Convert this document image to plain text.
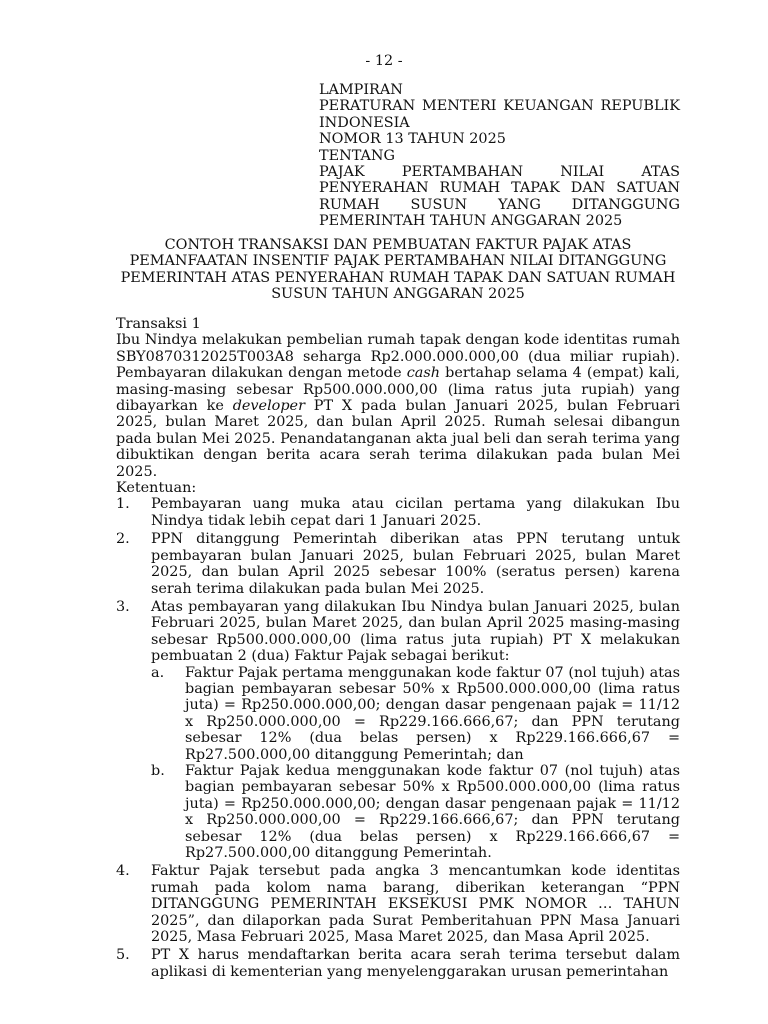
- 12 -
LAMPIRAN
PERATURAN MENTERI KEUANGAN REPUBLIK
INDONESIA
NOMOR 13 TAHUN 2025
TENTANG
PAJAK PERTAMBAHAN NILAI ATAS
PENYERAHAN RUMAH TAPAK DAN SATUAN
RUMAH SUSUN YANG DITANGGUNG
PEMERINTAH TAHUN ANGGARAN 2025
CONTOH TRANSAKSI DAN PEMBUATAN FAKTUR PAJAK ATAS
PEMANFAATAN INSENTIF PAJAK PERTAMBAHAN NILAI DITANGGUNG
PEMERINTAH ATAS PENYERAHAN RUMAH TAPAK DAN SATUAN RUMAH
SUSUN TAHUN ANGGARAN 2025
Transaksi 1
Ibu Nindya melakukan pembelian rumah tapak dengan kode identitas rumah SBY0870312025T003A8 seharga Rp2.000.000.000,00 (dua miliar rupiah). Pembayaran dilakukan dengan metode cash bertahap selama 4 (empat) kali, masing-masing sebesar Rp500.000.000,00 (lima ratus juta rupiah) yang dibayarkan ke developer PT X pada bulan Januari 2025, bulan Februari 2025, bulan Maret 2025, dan bulan April 2025. Rumah selesai dibangun pada bulan Mei 2025. Penandatanganan akta jual beli dan serah terima yang dibuktikan dengan berita acara serah terima dilakukan pada bulan Mei 2025.
Ketentuan:
1.	Pembayaran uang muka atau cicilan pertama yang dilakukan Ibu Nindya tidak lebih cepat dari 1 Januari 2025.
2.	PPN ditanggung Pemerintah diberikan atas PPN terutang untuk pembayaran bulan Januari 2025, bulan Februari 2025, bulan Maret 2025, dan bulan April 2025 sebesar 100% (seratus persen) karena serah terima dilakukan pada bulan Mei 2025.
3.	Atas pembayaran yang dilakukan Ibu Nindya bulan Januari 2025, bulan Februari 2025, bulan Maret 2025, dan bulan April 2025 masing-masing sebesar Rp500.000.000,00 (lima ratus juta rupiah) PT X melakukan pembuatan 2 (dua) Faktur Pajak sebagai berikut:
a.	Faktur Pajak pertama menggunakan kode faktur 07 (nol tujuh) atas bagian pembayaran sebesar 50% x Rp500.000.000,00 (lima ratus juta) = Rp250.000.000,00; dengan dasar pengenaan pajak = 11/12 x Rp250.000.000,00 = Rp229.166.666,67; dan PPN terutang sebesar 12% (dua belas persen) x Rp229.166.666,67 = Rp27.500.000,00 ditanggung Pemerintah; dan
b.	Faktur Pajak kedua menggunakan kode faktur 07 (nol tujuh) atas bagian pembayaran sebesar 50% x Rp500.000.000,00 (lima ratus juta) = Rp250.000.000,00; dengan dasar pengenaan pajak = 11/12 x Rp250.000.000,00 = Rp229.166.666,67; dan PPN terutang sebesar 12% (dua belas persen) x Rp229.166.666,67 = Rp27.500.000,00 ditanggung Pemerintah.
4.	Faktur Pajak tersebut pada angka 3 mencantumkan kode identitas rumah pada kolom nama barang, diberikan keterangan “PPN DITANGGUNG PEMERINTAH EKSEKUSI PMK NOMOR … TAHUN 2025”, dan dilaporkan pada Surat Pemberitahuan PPN Masa Januari 2025, Masa Februari 2025, Masa Maret 2025, dan Masa April 2025.
5.	PT X harus mendaftarkan berita acara serah terima tersebut dalam aplikasi di kementerian yang menyelenggarakan urusan pemerintahan
